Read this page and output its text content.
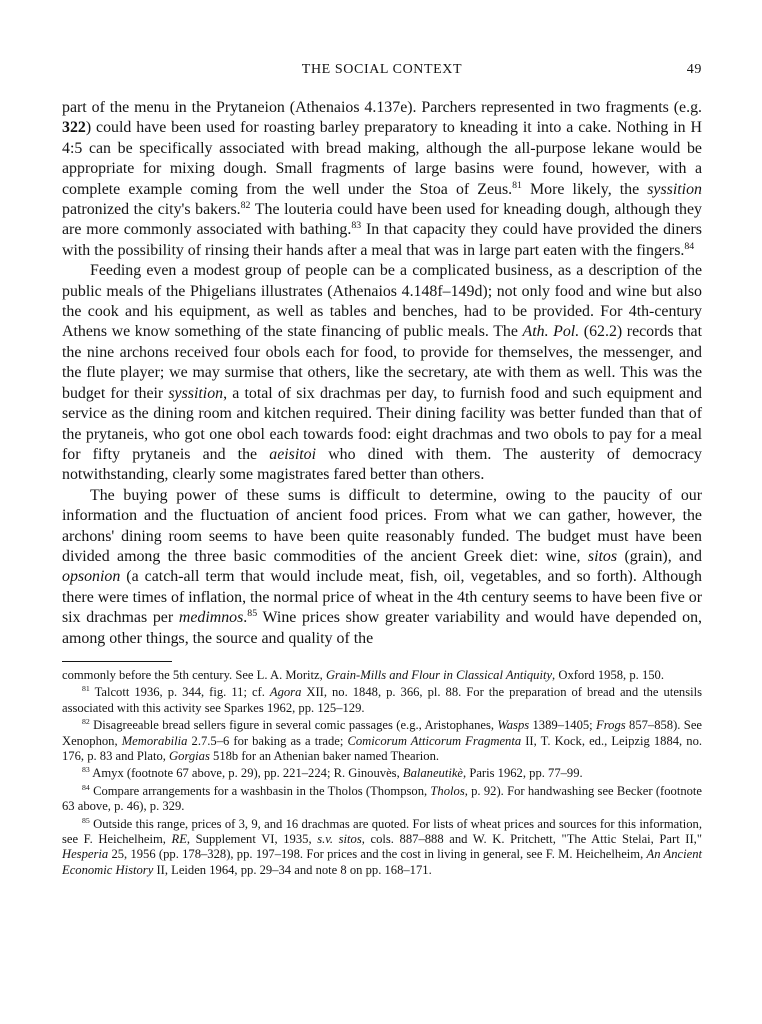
THE SOCIAL CONTEXT	49

part of the menu in the Prytaneion (Athenaios 4.137e). Parchers represented in two fragments (e.g. 322) could have been used for roasting barley preparatory to kneading it into a cake. Nothing in H 4:5 can be specifically associated with bread making, although the all-purpose lekane would be appropriate for mixing dough. Small fragments of large basins were found, however, with a complete example coming from the well under the Stoa of Zeus.$^{81}$ More likely, the syssition patronized the city's bakers.$^{82}$ The louteria could have been used for kneading dough, although they are more commonly associated with bathing.$^{83}$ In that capacity they could have provided the diners with the possibility of rinsing their hands after a meal that was in large part eaten with the fingers.$^{84}$

Feeding even a modest group of people can be a complicated business, as a description of the public meals of the Phigelians illustrates (Athenaios 4.148f–149d); not only food and wine but also the cook and his equipment, as well as tables and benches, had to be provided. For 4th-century Athens we know something of the state financing of public meals. The Ath. Pol. (62.2) records that the nine archons received four obols each for food, to provide for themselves, the messenger, and the flute player; we may surmise that others, like the secretary, ate with them as well. This was the budget for their syssition, a total of six drachmas per day, to furnish food and such equipment and service as the dining room and kitchen required. Their dining facility was better funded than that of the prytaneis, who got one obol each towards food: eight drachmas and two obols to pay for a meal for fifty prytaneis and the aeisitoi who dined with them. The austerity of democracy notwithstanding, clearly some magistrates fared better than others.

The buying power of these sums is difficult to determine, owing to the paucity of our information and the fluctuation of ancient food prices. From what we can gather, however, the archons' dining room seems to have been quite reasonably funded. The budget must have been divided among the three basic commodities of the ancient Greek diet: wine, sitos (grain), and opsonion (a catch-all term that would include meat, fish, oil, vegetables, and so forth). Although there were times of inflation, the normal price of wheat in the 4th century seems to have been five or six drachmas per medimnos.$^{85}$ Wine prices show greater variability and would have depended on, among other things, the source and quality of the

commonly before the 5th century. See L. A. Moritz, Grain-Mills and Flour in Classical Antiquity, Oxford 1958, p. 150.

$^{81}$ Talcott 1936, p. 344, fig. 11; cf. Agora XII, no. 1848, p. 366, pl. 88. For the preparation of bread and the utensils associated with this activity see Sparkes 1962, pp. 125–129.

$^{82}$ Disagreeable bread sellers figure in several comic passages (e.g., Aristophanes, Wasps 1389–1405; Frogs 857–858). See Xenophon, Memorabilia 2.7.5–6 for baking as a trade; Comicorum Atticorum Fragmenta II, T. Kock, ed., Leipzig 1884, no. 176, p. 83 and Plato, Gorgias 518b for an Athenian baker named Thearion.

$^{83}$ Amyx (footnote 67 above, p. 29), pp. 221–224; R. Ginouvès, Balaneutikè, Paris 1962, pp. 77–99.

$^{84}$ Compare arrangements for a washbasin in the Tholos (Thompson, Tholos, p. 92). For handwashing see Becker (footnote 63 above, p. 46), p. 329.

$^{85}$ Outside this range, prices of 3, 9, and 16 drachmas are quoted. For lists of wheat prices and sources for this information, see F. Heichelheim, RE, Supplement VI, 1935, s.v. sitos, cols. 887–888 and W. K. Pritchett, "The Attic Stelai, Part II," Hesperia 25, 1956 (pp. 178–328), pp. 197–198. For prices and the cost in living in general, see F. M. Heichelheim, An Ancient Economic History II, Leiden 1964, pp. 29–34 and note 8 on pp. 168–171.
